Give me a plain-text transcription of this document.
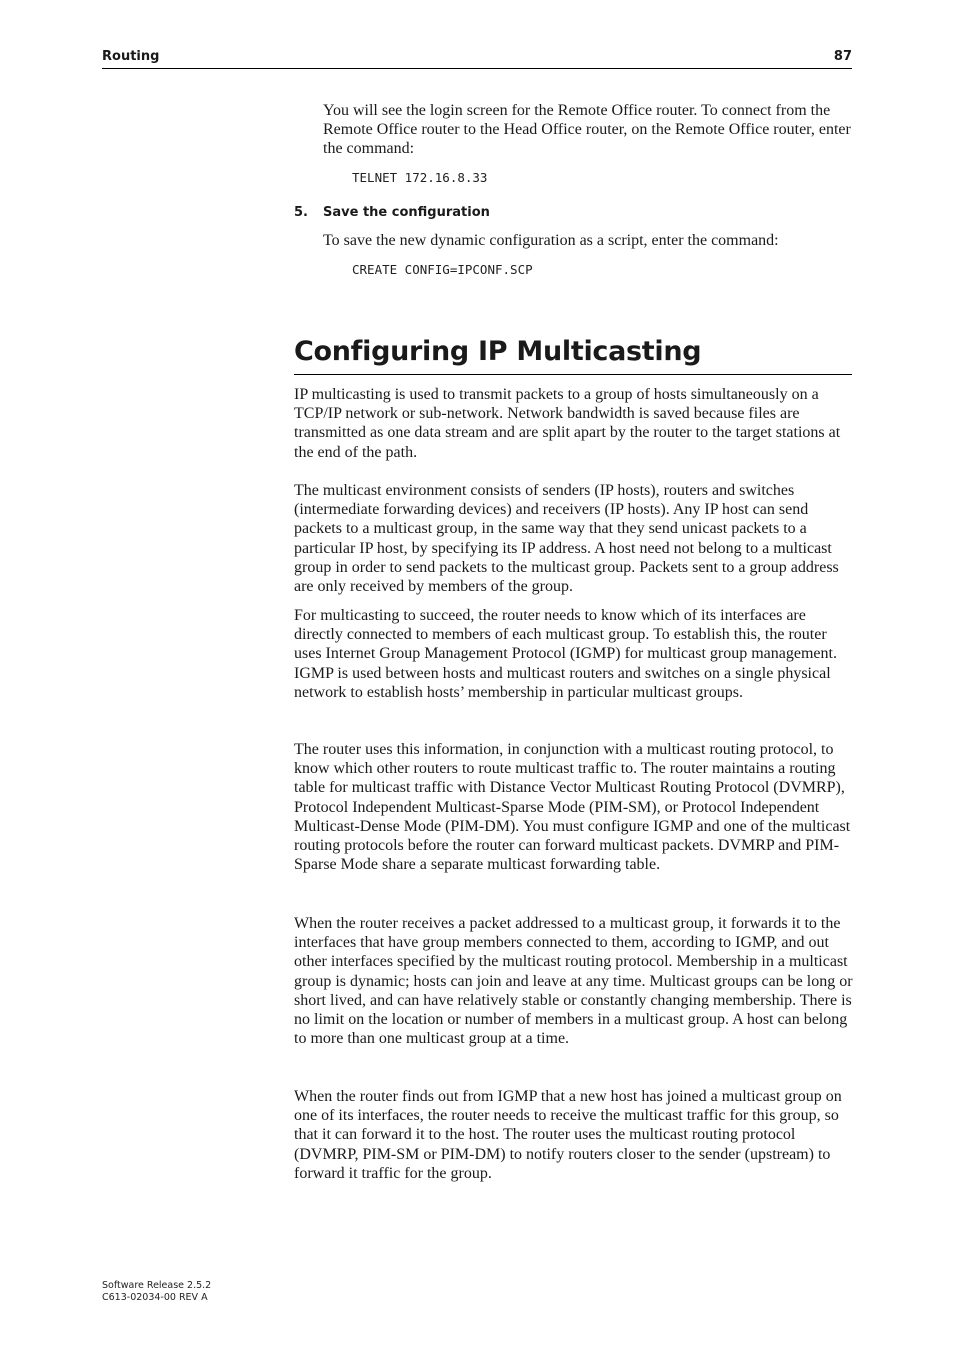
Routing	87

You will see the login screen for the Remote Office router. To connect from the Remote Office router to the Head Office router, on the Remote Office router, enter the command:

TELNET 172.16.8.33
5. Save the configuration

To save the new dynamic configuration as a script, enter the command:

CREATE CONFIG=IPCONF.SCP
Configuring IP Multicasting

IP multicasting is used to transmit packets to a group of hosts simultaneously on a TCP/IP network or sub-network. Network bandwidth is saved because files are transmitted as one data stream and are split apart by the router to the target stations at the end of the path.

The multicast environment consists of senders (IP hosts), routers and switches (intermediate forwarding devices) and receivers (IP hosts). Any IP host can send packets to a multicast group, in the same way that they send unicast packets to a particular IP host, by specifying its IP address. A host need not belong to a multicast group in order to send packets to the multicast group. Packets sent to a group address are only received by members of the group.

For multicasting to succeed, the router needs to know which of its interfaces are directly connected to members of each multicast group. To establish this, the router uses Internet Group Management Protocol (IGMP) for multicast group management. IGMP is used between hosts and multicast routers and switches on a single physical network to establish hosts’ membership in particular multicast groups.

The router uses this information, in conjunction with a multicast routing protocol, to know which other routers to route multicast traffic to. The router maintains a routing table for multicast traffic with Distance Vector Multicast Routing Protocol (DVMRP), Protocol Independent Multicast-Sparse Mode (PIM-SM), or Protocol Independent Multicast-Dense Mode (PIM-DM). You must configure IGMP and one of the multicast routing protocols before the router can forward multicast packets. DVMRP and PIM-Sparse Mode share a separate multicast forwarding table.

When the router receives a packet addressed to a multicast group, it forwards it to the interfaces that have group members connected to them, according to IGMP, and out other interfaces specified by the multicast routing protocol. Membership in a multicast group is dynamic; hosts can join and leave at any time. Multicast groups can be long or short lived, and can have relatively stable or constantly changing membership. There is no limit on the location or number of members in a multicast group. A host can belong to more than one multicast group at a time.

When the router finds out from IGMP that a new host has joined a multicast group on one of its interfaces, the router needs to receive the multicast traffic for this group, so that it can forward it to the host. The router uses the multicast routing protocol (DVMRP, PIM-SM or PIM-DM) to notify routers closer to the sender (upstream) to forward it traffic for the group.

Software Release 2.5.2
C613-02034-00 REV A
